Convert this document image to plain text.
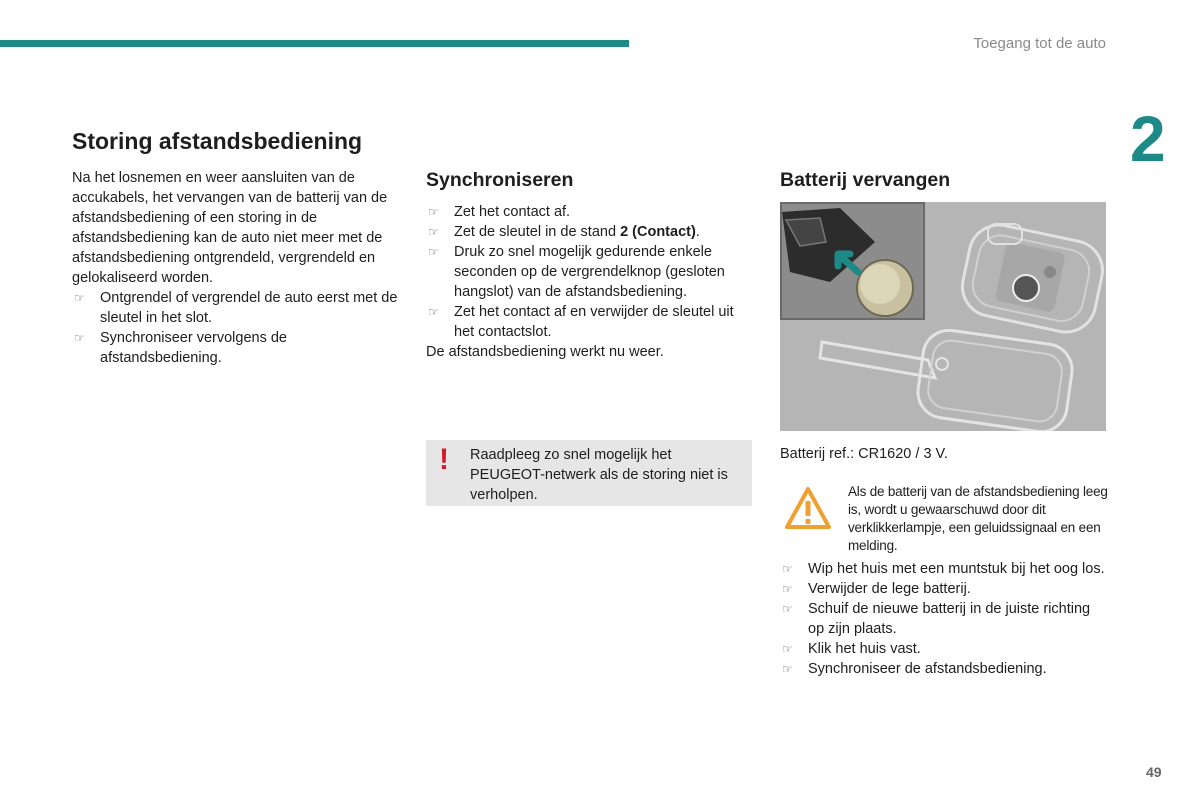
Toegang tot de auto
2
Storing afstandsbediening

Na het losnemen en weer aansluiten van de accukabels, het vervangen van de batterij van de afstandsbediening of een storing in de afstandsbediening kan de auto niet meer met de afstandsbediening ontgrendeld, vergrendeld en gelokaliseerd worden.

☞ Ontgrendel of vergrendel de auto eerst met de sleutel in het slot.
☞ Synchroniseer vervolgens de afstandsbediening.
Synchroniseren
☞ Zet het contact af.
☞ Zet de sleutel in de stand 2 (Contact).
☞ Druk zo snel mogelijk gedurende enkele seconden op de vergrendelknop (gesloten hangslot) van de afstandsbediening.
☞ Zet het contact af en verwijder de sleutel uit het contactslot.

De afstandsbediening werkt nu weer.

! Raadpleeg zo snel mogelijk het PEUGEOT-netwerk als de storing niet is verholpen.
Batterij vervangen

Batterij ref.: CR1620 / 3 V.

Als de batterij van de afstandsbediening leeg is, wordt u gewaarschuwd door dit verklikkerlampje, een geluidssignaal en een melding.
☞ Wip het huis met een muntstuk bij het oog los.
☞ Verwijder de lege batterij.
☞ Schuif de nieuwe batterij in de juiste richting op zijn plaats.
☞ Klik het huis vast.
☞ Synchroniseer de afstandsbediening.
49
